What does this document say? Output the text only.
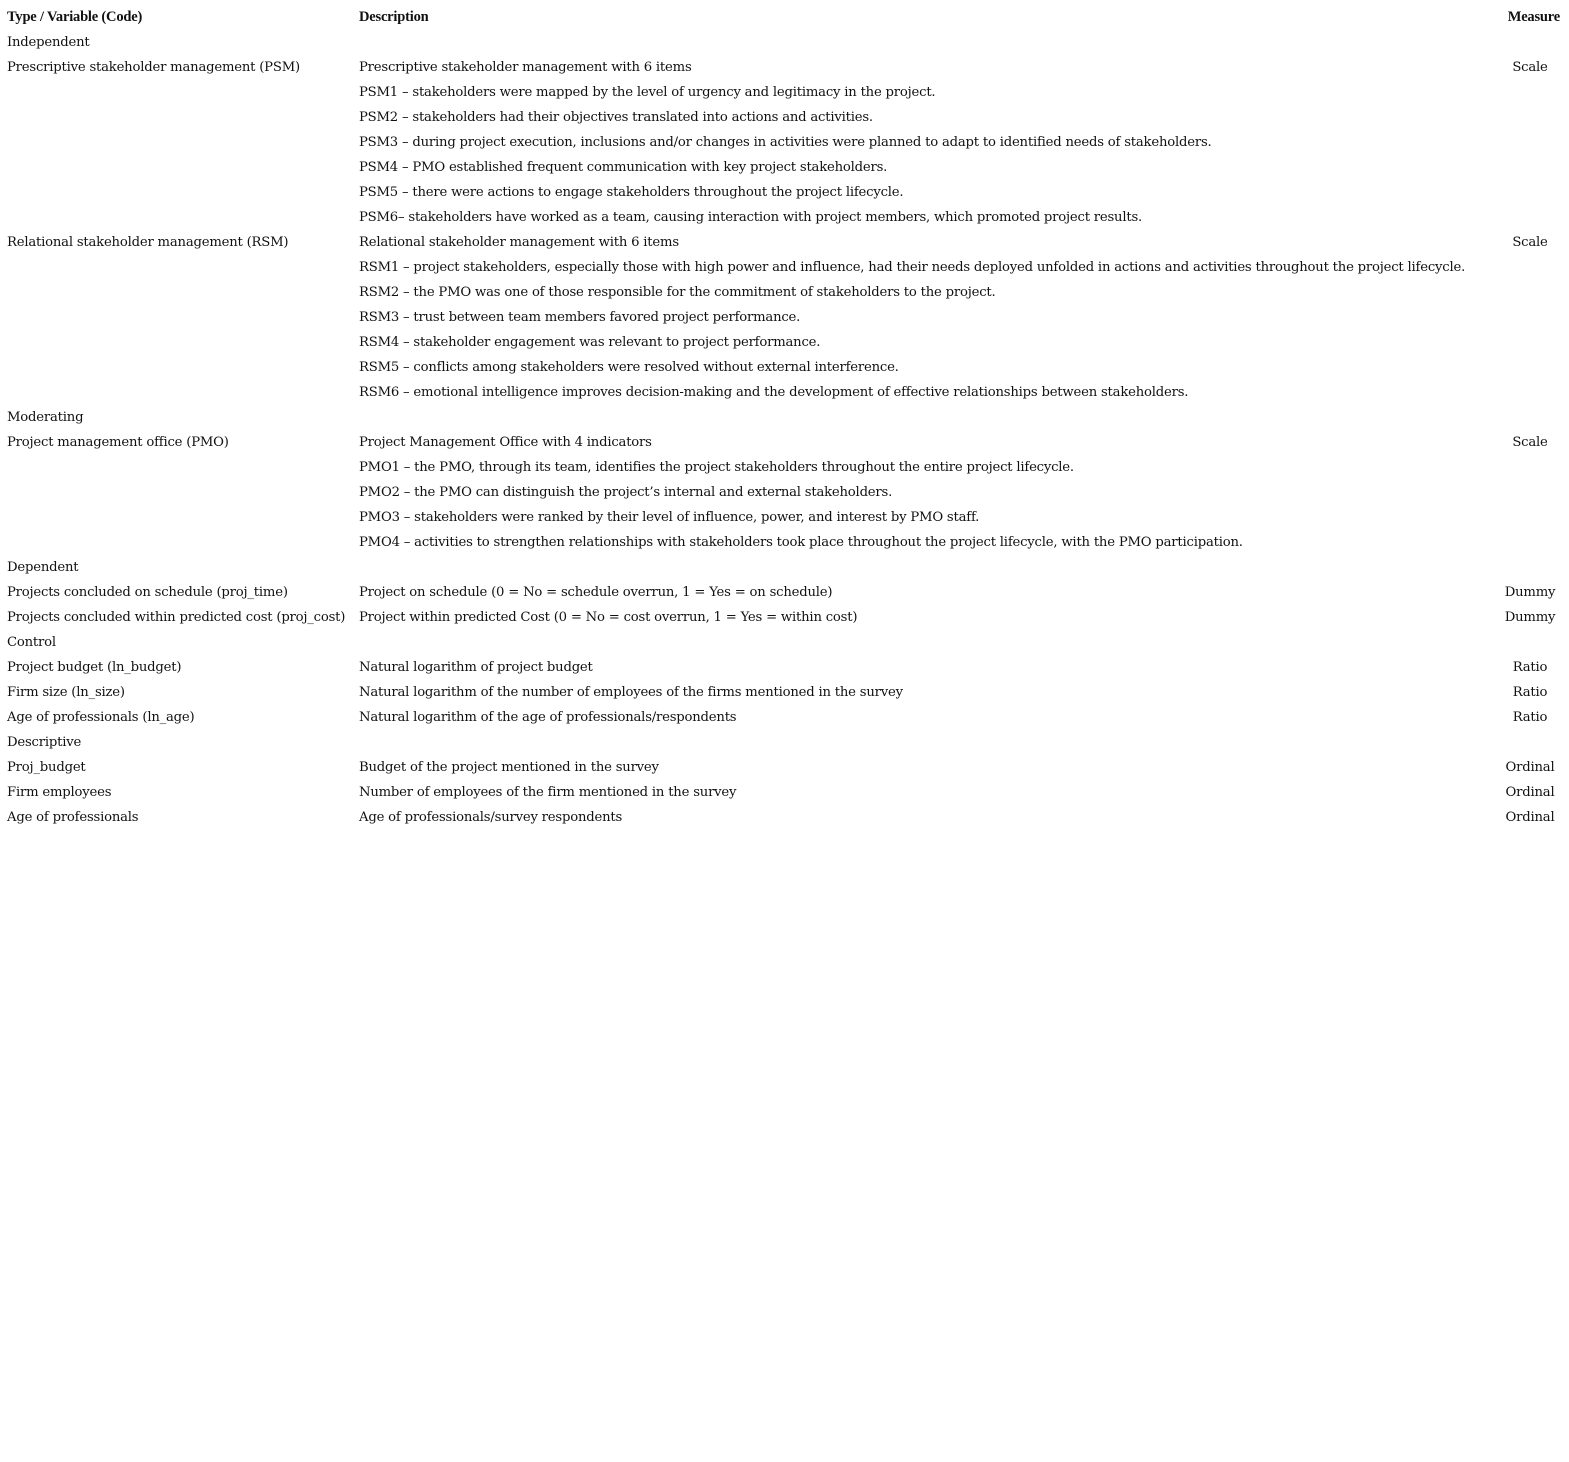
Type / Variable (Code)	Description	Measure
Independent		
Prescriptive stakeholder management (PSM)	Prescriptive stakeholder management with 6 items	Scale
	PSM1 – stakeholders were mapped by the level of urgency and legitimacy in the project.	
	PSM2 – stakeholders had their objectives translated into actions and activities.	
	PSM3 – during project execution, inclusions and/or changes in activities were planned to adapt to identified needs of stakeholders.	
	PSM4 – PMO established frequent communication with key project stakeholders.	
	PSM5 – there were actions to engage stakeholders throughout the project lifecycle.	
	PSM6– stakeholders have worked as a team, causing interaction with project members, which promoted project results.	
Relational stakeholder management (RSM)	Relational stakeholder management with 6 items	Scale
	RSM1 – project stakeholders, especially those with high power and influence, had their needs deployed unfolded in actions and activities throughout the project lifecycle.	
	RSM2 – the PMO was one of those responsible for the commitment of stakeholders to the project.	
	RSM3 – trust between team members favored project performance.	
	RSM4 – stakeholder engagement was relevant to project performance.	
	RSM5 – conflicts among stakeholders were resolved without external interference.	
	RSM6 – emotional intelligence improves decision-making and the development of effective relationships between stakeholders.	
Moderating		
Project management office (PMO)	Project Management Office with 4 indicators	Scale
	PMO1 – the PMO, through its team, identifies the project stakeholders throughout the entire project lifecycle.	
	PMO2 – the PMO can distinguish the project’s internal and external stakeholders.	
	PMO3 – stakeholders were ranked by their level of influence, power, and interest by PMO staff.	
	PMO4 – activities to strengthen relationships with stakeholders took place throughout the project lifecycle, with the PMO participation.	
Dependent		
Projects concluded on schedule (proj_time)	Project on schedule (0 = No = schedule overrun, 1 = Yes = on schedule)	Dummy
Projects concluded within predicted cost (proj_cost)	Project within predicted Cost (0 = No = cost overrun, 1 = Yes = within cost)	Dummy
Control		
Project budget (ln_budget)	Natural logarithm of project budget	Ratio
Firm size (ln_size)	Natural logarithm of the number of employees of the firms mentioned in the survey	Ratio
Age of professionals (ln_age)	Natural logarithm of the age of professionals/respondents	Ratio
Descriptive		
Proj_budget	Budget of the project mentioned in the survey	Ordinal
Firm employees	Number of employees of the firm mentioned in the survey	Ordinal
Age of professionals	Age of professionals/survey respondents	Ordinal
